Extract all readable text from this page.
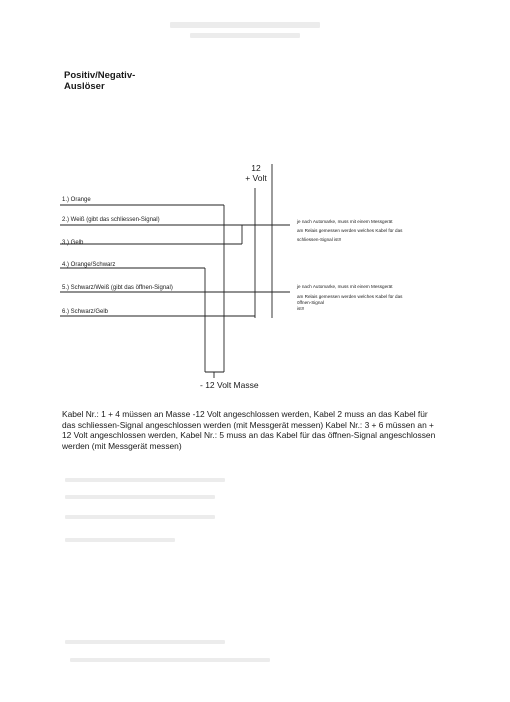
Positiv/Negativ-
Auslöser
1.) Orange
2.) Weiß (gibt das schliessen-Signal)
3.) Gelb
4.) Orange/Schwarz
5.) Schwarz/Weiß (gibt das öffnen-Signal)
6.) Schwarz/Gelb
12
+ Volt
- 12 Volt Masse
je nach Automarke, muss mit einem Messgerät
am Relais gemessen werden welches Kabel für das
schliessen-Signal ist!!
je nach Automarke, muss mit einem Messgerät
am Relais gemessen werden welches Kabel für das
öffnen-Signal
ist!!
Kabel Nr.: 1 + 4 müssen an Masse -12 Volt angeschlossen werden, Kabel 2 muss an das Kabel für das schliessen-Signal angeschlossen werden (mit Messgerät messen) Kabel Nr.: 3 + 6 müssen an + 12 Volt angeschlossen werden, Kabel Nr.: 5 muss an das Kabel für das öffnen-Signal angeschlossen werden (mit Messgerät messen)
